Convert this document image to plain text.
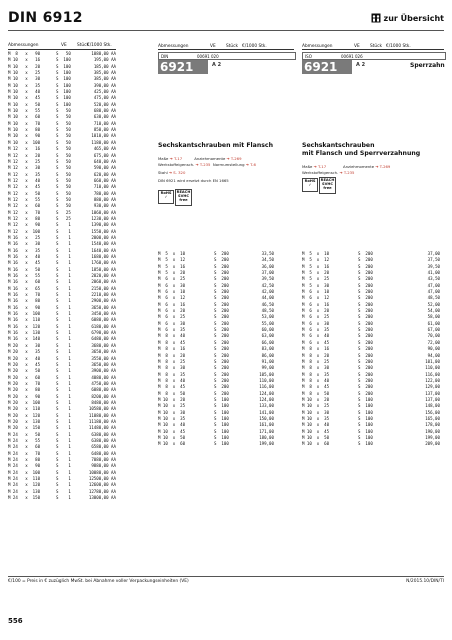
DIN 6912	zur Übersicht
Abmessungen	VE	Stück
€/1000 Stk.
M  8   x   90	S   50	1080,00 AA
M 10   x   16	S  100	195,00 AA
M 10   x   20	S  100	185,00 AA
M 10   x   25	S  100	385,00 AA
M 10   x   30	S  100	385,00 AA
M 10   x   35	S  100	390,00 AA
M 10   x   40	S  100	425,00 AA
M 10   x   45	S  100	475,00 AA
M 10   x   50	S  100	520,00 AA
M 10   x   55	S   50	680,00 AA
M 10   x   60	S   50	630,00 AA
M 10   x   70	S   50	710,00 AA
M 10   x   80	S   50	850,00 AA
M 10   x   90	S   50	1010,00 AA
M 10   x  100	S   50	1180,00 AA
M 12   x   16	S   50	465,00 AA
M 12   x   20	S   50	675,00 AA
M 12   x   25	S   50	640,00 AA
M 12   x   30	S   50	590,00 AA
M 12   x   35	S   50	620,00 AA
M 12   x   40	S   50	660,00 AA
M 12   x   45	S   50	710,00 AA
M 12   x   50	S   50	780,00 AA
M 12   x   55	S   50	880,00 AA
M 12   x   60	S   50	930,00 AA
M 12   x   70	S   25	1060,00 AA
M 12   x   80	S   25	1230,00 AA
M 12   x   90	S    1	1390,00 AA
M 12   x  100	S    1	1550,00 AA
M 16   x   25	S    1	2000,00 AA
M 16   x   30	S    1	1540,00 AA
M 16   x   35	S    1	1640,00 AA
M 16   x   40	S    1	1680,00 AA
M 16   x   45	S    1	1760,00 AA
M 16   x   50	S    1	1850,00 AA
M 16   x   55	S    1	2020,00 AA
M 16   x   60	S    1	2060,00 AA
M 16   x   65	S    1	2150,00 AA
M 16   x   70	S    1	2210,00 AA
M 16   x   80	S    1	2900,00 AA
M 16   x   90	S    1	3650,00 AA
M 16   x  100	S    1	3450,00 AA
M 16   x  110	S    1	6080,00 AA
M 16   x  120	S    1	6180,00 AA
M 16   x  130	S    1	6790,00 AA
M 16   x  140	S    1	6480,00 AA
M 20   x   30	S    1	3680,00 AA
M 20   x   35	S    1	3650,00 AA
M 20   x   40	S    1	3550,00 AA
M 20   x   45	S    1	3650,00 AA
M 20   x   50	S    1	3900,00 AA
M 20   x   60	S    1	4080,00 AA
M 20   x   70	S    1	4750,00 AA
M 20   x   80	S    1	6080,00 AA
M 20   x   90	S    1	8200,00 AA
M 20   x  100	S    1	8480,00 AA
M 20   x  110	S    1	10580,00 AA
M 20   x  120	S    1	11080,00 AA
M 20   x  130	S    1	11180,00 AA
M 20   x  150	S    1	11480,00 AA
M 24   x   50	S    1	6380,00 AA
M 24   x   55	S    1	6380,00 AA
M 24   x   60	S    1	6580,00 AA
M 24   x   70	S    1	6480,00 AA
M 24   x   80	S    1	7080,00 AA
M 24   x   90	S    1	9880,00 AA
M 24   x  100	S    1	10080,00 AA
M 24   x  110	S    1	12500,00 AA
M 24   x  120	S    1	12600,00 AA
M 24   x  130	S    1	12780,00 AA
M 24   x  150	S    1	13000,00 AA
Abmessungen	VE	Stück €/1000 Stk.
DIN	00691 020
6921	A 2
Sechskantschrauben mit Flansch
Maße ➔ T-17	Anziehmomente ➔ T-269
Werkstoffeigensch. ➔ T-235 Normumstellung ➔ T-6
Stahl ➔ S. 320
DIN 6921 wird ersetzt durch EN 1665
RoHS
✓
REACH
SVHC
free
M  5  x  10	S  200	33,50
M  5  x  12	S  200	34,50
M  5  x  16	S  200	36,00
M  5  x  20	S  200	37,00
M  6  x  25	S  200	39,50
M  6  x  30	S  200	42,50
M  6  x  10	S  200	42,00
M  6  x  12	S  200	44,00
M  6  x  16	S  200	46,50
M  6  x  20	S  200	48,50
M  6  x  25	S  200	53,00
M  6  x  30	S  200	55,00
M  6  x  35	S  200	60,00
M  8  x  40	S  200	63,00
M  8  x  45	S  200	66,00
M  8  x  16	S  200	83,00
M  8  x  20	S  200	86,00
M  8  x  25	S  200	91,00
M  8  x  30	S  200	99,00
M  8  x  35	S  200	105,00
M  8  x  40	S  200	110,00
M  8  x  45	S  200	116,00
M  8  x  50	S  200	124,00
M 10  x  20	S  100	124,00
M 10  x  25	S  100	133,00
M 10  x  30	S  100	141,00
M 10  x  35	S  100	150,00
M 10  x  40	S  100	161,00
M 10  x  45	S  100	171,00
M 10  x  50	S  100	180,00
M 10  x  60	S  100	199,00
Abmessungen	VE	Stück €/1000 Stk.
ISO	00691 026
6921	A 2	Sperrzahn
Sechskantschrauben
mit Flansch und Sperrverzahnung
Maße ➔ T-17	Anziehmomente ➔ T-269
Werkstoffeigensch. ➔ T-235
RoHS
✓
REACH
SVHC
free
M  5  x  10	S  200	37,00
M  5  x  12	S  200	37,50
M  5  x  16	S  200	39,50
M  5  x  20	S  200	41,00
M  5  x  25	S  200	43,50
M  5  x  30	S  200	47,00
M  6  x  10	S  200	47,00
M  6  x  12	S  200	48,50
M  6  x  16	S  200	52,00
M  6  x  20	S  200	54,00
M  6  x  25	S  200	58,00
M  6  x  30	S  200	61,00
M  6  x  35	S  200	67,00
M  6  x  40	S  200	70,00
M  6  x  45	S  200	72,00
M  8  x  16	S  200	90,00
M  8  x  20	S  200	94,00
M  8  x  25	S  200	101,00
M  8  x  30	S  200	110,00
M  8  x  35	S  200	116,00
M  8  x  40	S  200	122,00
M  8  x  45	S  200	129,00
M  8  x  50	S  200	137,00
M 10  x  20	S  100	137,00
M 10  x  25	S  100	148,00
M 10  x  30	S  100	156,00
M 10  x  35	S  100	165,00
M 10  x  40	S  100	178,00
M 10  x  45	S  100	190,00
M 10  x  50	S  100	199,00
M 10  x  60	S  100	209,00
€/100 = Preis in € zuzüglich MwSt. bei Abnahme voller Verpackungseinheiten (VE)	N/2015.10/DIN/TI
556
